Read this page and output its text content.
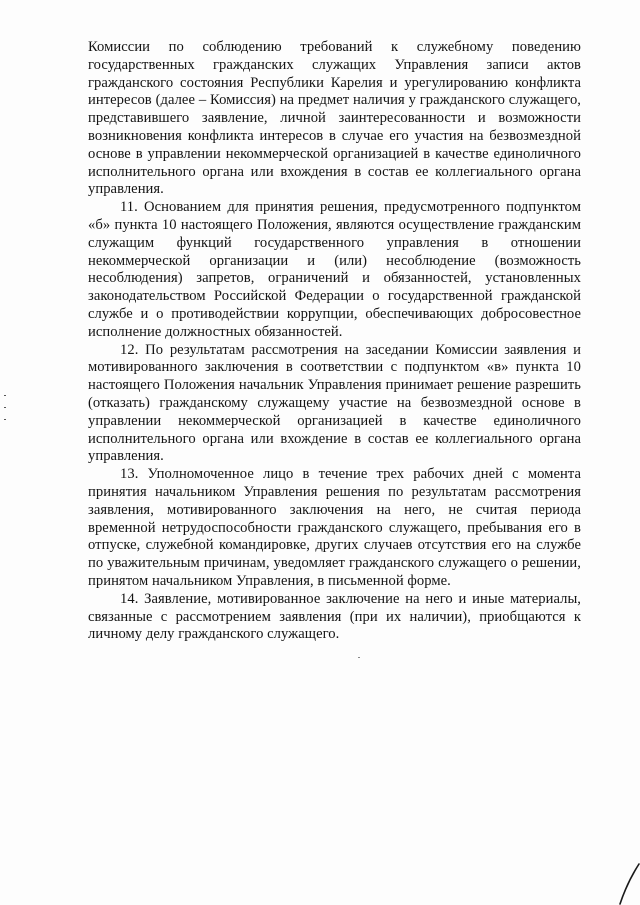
Комиссии по соблюдению требований к служебному поведению государственных гражданских служащих Управления записи актов гражданского состояния Республики Карелия и урегулированию конфликта интересов (далее – Комиссия) на предмет наличия у гражданского служащего, представившего заявление, личной заинтересованности и возможности возникновения конфликта интересов в случае его участия на безвозмездной основе в управлении некоммерческой организацией в качестве единоличного исполнительного органа или вхождения в состав ее коллегиального органа управления.

11. Основанием для принятия решения, предусмотренного подпунктом «б» пункта 10 настоящего Положения, являются осуществление гражданским служащим функций государственного управления в отношении некоммерческой организации и (или) несоблюдение (возможность несоблюдения) запретов, ограничений и обязанностей, установленных законодательством Российской Федерации о государственной гражданской службе и о противодействии коррупции, обеспечивающих добросовестное исполнение должностных обязанностей.

12. По результатам рассмотрения на заседании Комиссии заявления и мотивированного заключения в соответствии с подпунктом «в» пункта 10 настоящего Положения начальник Управления принимает решение разрешить (отказать) гражданскому служащему участие на безвозмездной основе в управлении некоммерческой организацией в качестве единоличного исполнительного органа или вхождение в состав ее коллегиального органа управления.

13. Уполномоченное лицо в течение трех рабочих дней с момента принятия начальником Управления решения по результатам рассмотрения заявления, мотивированного заключения на него, не считая периода временной нетрудоспособности гражданского служащего, пребывания его в отпуске, служебной командировке, других случаев отсутствия его на службе по уважительным причинам, уведомляет гражданского служащего о решении, принятом начальником Управления, в письменной форме.

14. Заявление, мотивированное заключение на него и иные материалы, связанные с рассмотрением заявления (при их наличии), приобщаются к личному делу гражданского служащего.
